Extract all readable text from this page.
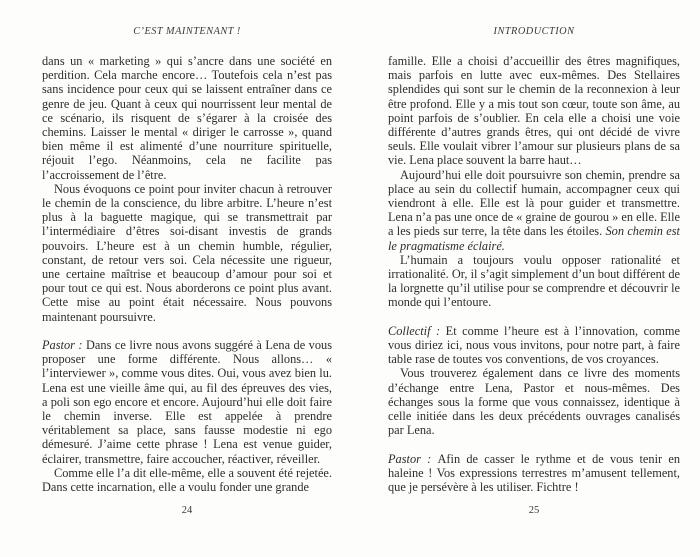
C’EST MAINTENANT !

dans un « marketing » qui s’ancre dans une société en perdition. Cela marche encore… Toutefois cela n’est pas sans incidence pour ceux qui se laissent entraîner dans ce genre de jeu. Quant à ceux qui nourrissent leur mental de ce scénario, ils risquent de s’égarer à la croisée des chemins. Laisser le mental « diriger le carrosse », quand bien même il est alimenté d’une nourriture spirituelle, réjouit l’ego. Néanmoins, cela ne facilite pas l’accroissement de l’être.

Nous évoquons ce point pour inviter chacun à retrouver le chemin de la conscience, du libre arbitre. L’heure n’est plus à la baguette magique, qui se transmettrait par l’intermédiaire d’êtres soi-disant investis de grands pouvoirs. L’heure est à un chemin humble, régulier, constant, de retour vers soi. Cela nécessite une rigueur, une certaine maîtrise et beaucoup d’amour pour soi et pour tout ce qui est. Nous aborderons ce point plus avant. Cette mise au point était nécessaire. Nous pouvons maintenant poursuivre.

Pastor : Dans ce livre nous avons suggéré à Lena de vous proposer une forme différente. Nous allons… « l’interviewer », comme vous dites. Oui, vous avez bien lu. Lena est une vieille âme qui, au fil des épreuves des vies, a poli son ego encore et encore. Aujourd’hui elle doit faire le chemin inverse. Elle est appelée à prendre véritablement sa place, sans fausse modestie ni ego démesuré. J’aime cette phrase ! Lena est venue guider, éclairer, transmettre, faire accoucher, réactiver, réveiller.

Comme elle l’a dit elle-même, elle a souvent été rejetée. Dans cette incarnation, elle a voulu fonder une grande

INTRODUCTION

famille. Elle a choisi d’accueillir des êtres magnifiques, mais parfois en lutte avec eux-mêmes. Des Stellaires splendides qui sont sur le chemin de la reconnexion à leur être profond. Elle y a mis tout son cœur, toute son âme, au point parfois de s’oublier. En cela elle a choisi une voie différente d’autres grands êtres, qui ont décidé de vivre seuls. Elle voulait vibrer l’amour sur plusieurs plans de sa vie. Lena place souvent la barre haut…

Aujourd’hui elle doit poursuivre son chemin, prendre sa place au sein du collectif humain, accompagner ceux qui viendront à elle. Elle est là pour guider et transmettre. Lena n’a pas une once de « graine de gourou » en elle. Elle a les pieds sur terre, la tête dans les étoiles. Son chemin est le pragmatisme éclairé.

L’humain a toujours voulu opposer rationalité et irrationalité. Or, il s’agit simplement d’un bout différent de la lorgnette qu’il utilise pour se comprendre et découvrir le monde qui l’entoure.

Collectif : Et comme l’heure est à l’innovation, comme vous diriez ici, nous vous invitons, pour notre part, à faire table rase de toutes vos conventions, de vos croyances.

Vous trouverez également dans ce livre des moments d’échange entre Lena, Pastor et nous-mêmes. Des échanges sous la forme que vous connaissez, identique à celle initiée dans les deux précédents ouvrages canalisés par Lena.

Pastor : Afin de casser le rythme et de vous tenir en haleine ! Vos expressions terrestres m’amusent tellement, que je persévère à les utiliser. Fichtre !

24	25
